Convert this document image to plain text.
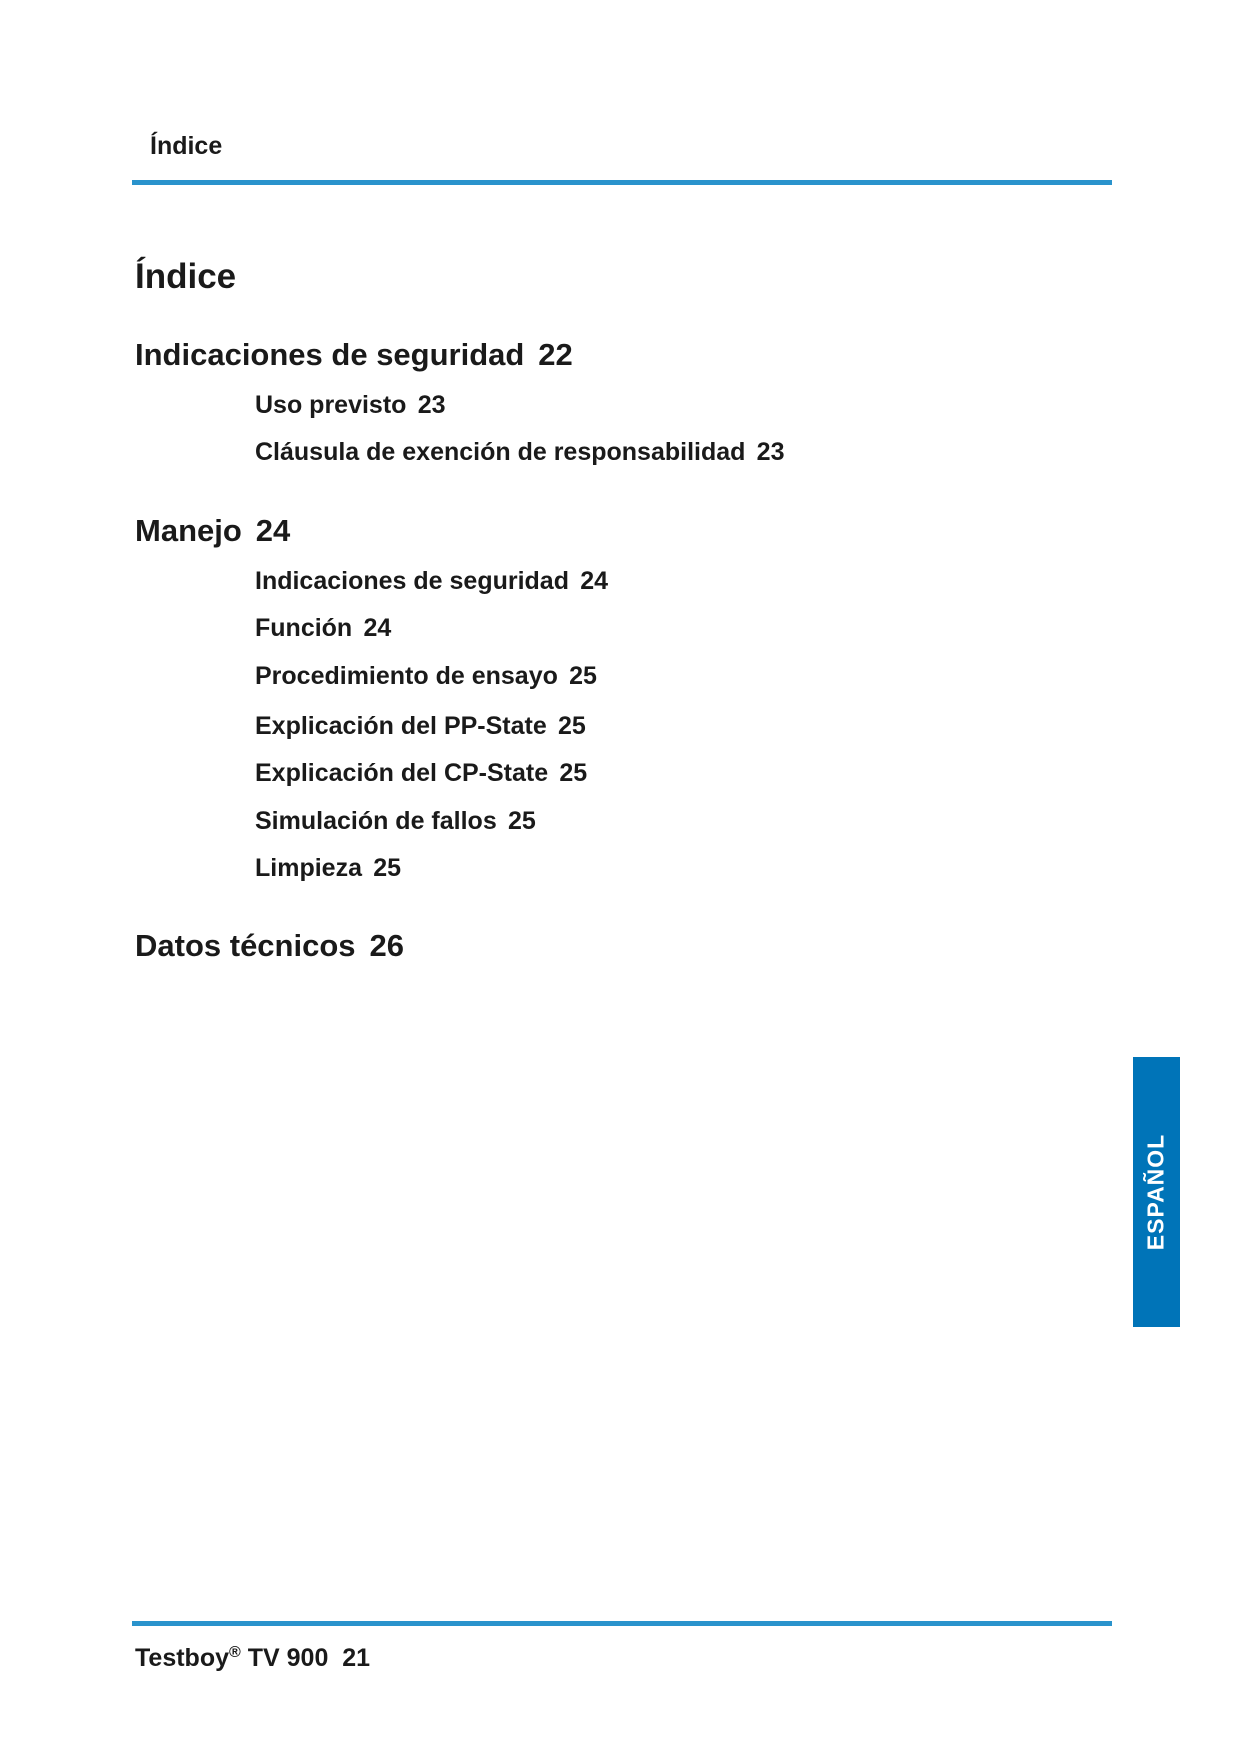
Índice
Índice
Indicaciones de seguridad 22
Uso previsto 23
Cláusula de exención de responsabilidad 23
Manejo 24
Indicaciones de seguridad 24
Función 24
Procedimiento de ensayo 25
Explicación del PP-State 25
Explicación del CP-State 25
Simulación de fallos 25
Limpieza 25
Datos técnicos 26
ESPAÑOL
Testboy® TV 900 21
